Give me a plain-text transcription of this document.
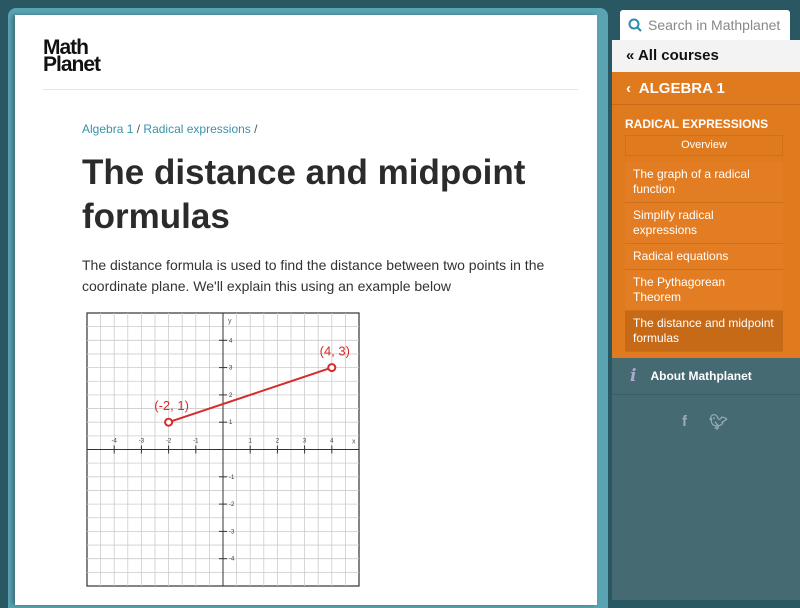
Math
Planet
Algebra 1 / Radical expressions /
The distance and midpoint formulas

The distance formula is used to find the distance between two points in the coordinate plane. We'll explain this using an example below

-4	-3	-2	-1	1	2	3	4
4
3
2
1
-1
-2
-3
-4
x
y
(-2, 1)
(4, 3)
Search in Mathplanet
« All courses
‹  ALGEBRA 1
RADICAL EXPRESSIONS
Overview
The graph of a radical function
Simplify radical expressions
Radical equations
The Pythagorean Theorem
The distance and midpoint formulas
i About Mathplanet
f 🐦︎
